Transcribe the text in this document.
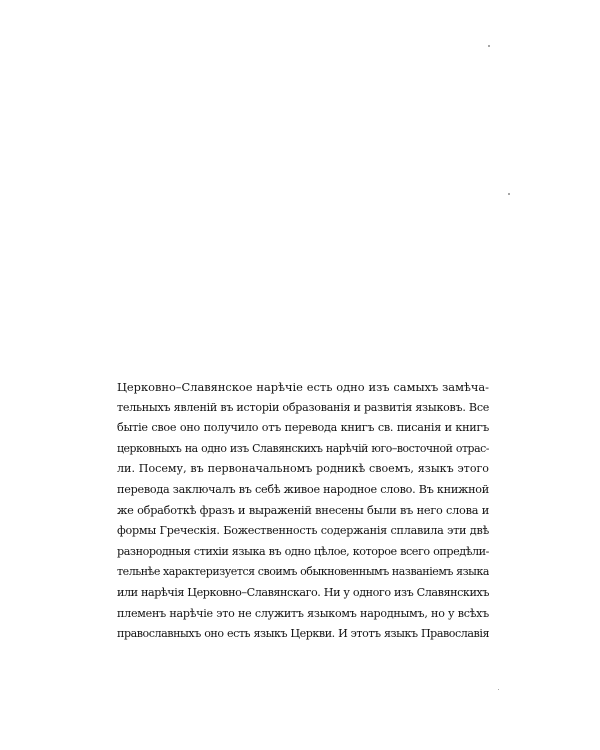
Церковно–Славянское нарѣчіе есть одно изъ самыхъ замѣча-
тельныхъ явленій въ исторіи образованія и развитія языковъ. Все
бытіе свое оно получило отъ перевода книгъ св. писанія и книгъ
церковныхъ на одно изъ Славянскихъ нарѣчій юго–восточной отрас-
ли. Посему, въ первоначальномъ родникѣ своемъ, языкъ этого
перевода заключалъ въ себѣ живое народное слово. Въ книжной
же обработкѣ фразъ и выраженій внесены были въ него слова и
формы Греческія. Божественность содержанія сплавила эти двѣ
разнородныя стихіи языка въ одно цѣлое, которое всего опредѣли-
тельнѣе характеризуется своимъ обыкновеннымъ названіемъ языка
или нарѣчія Церковно–Славянскаго. Ни у одного изъ Славянскихъ
племенъ нарѣчіе это не служитъ языкомъ народнымъ, но у всѣхъ
православныхъ оно есть языкъ Церкви. И этотъ языкъ Православія
